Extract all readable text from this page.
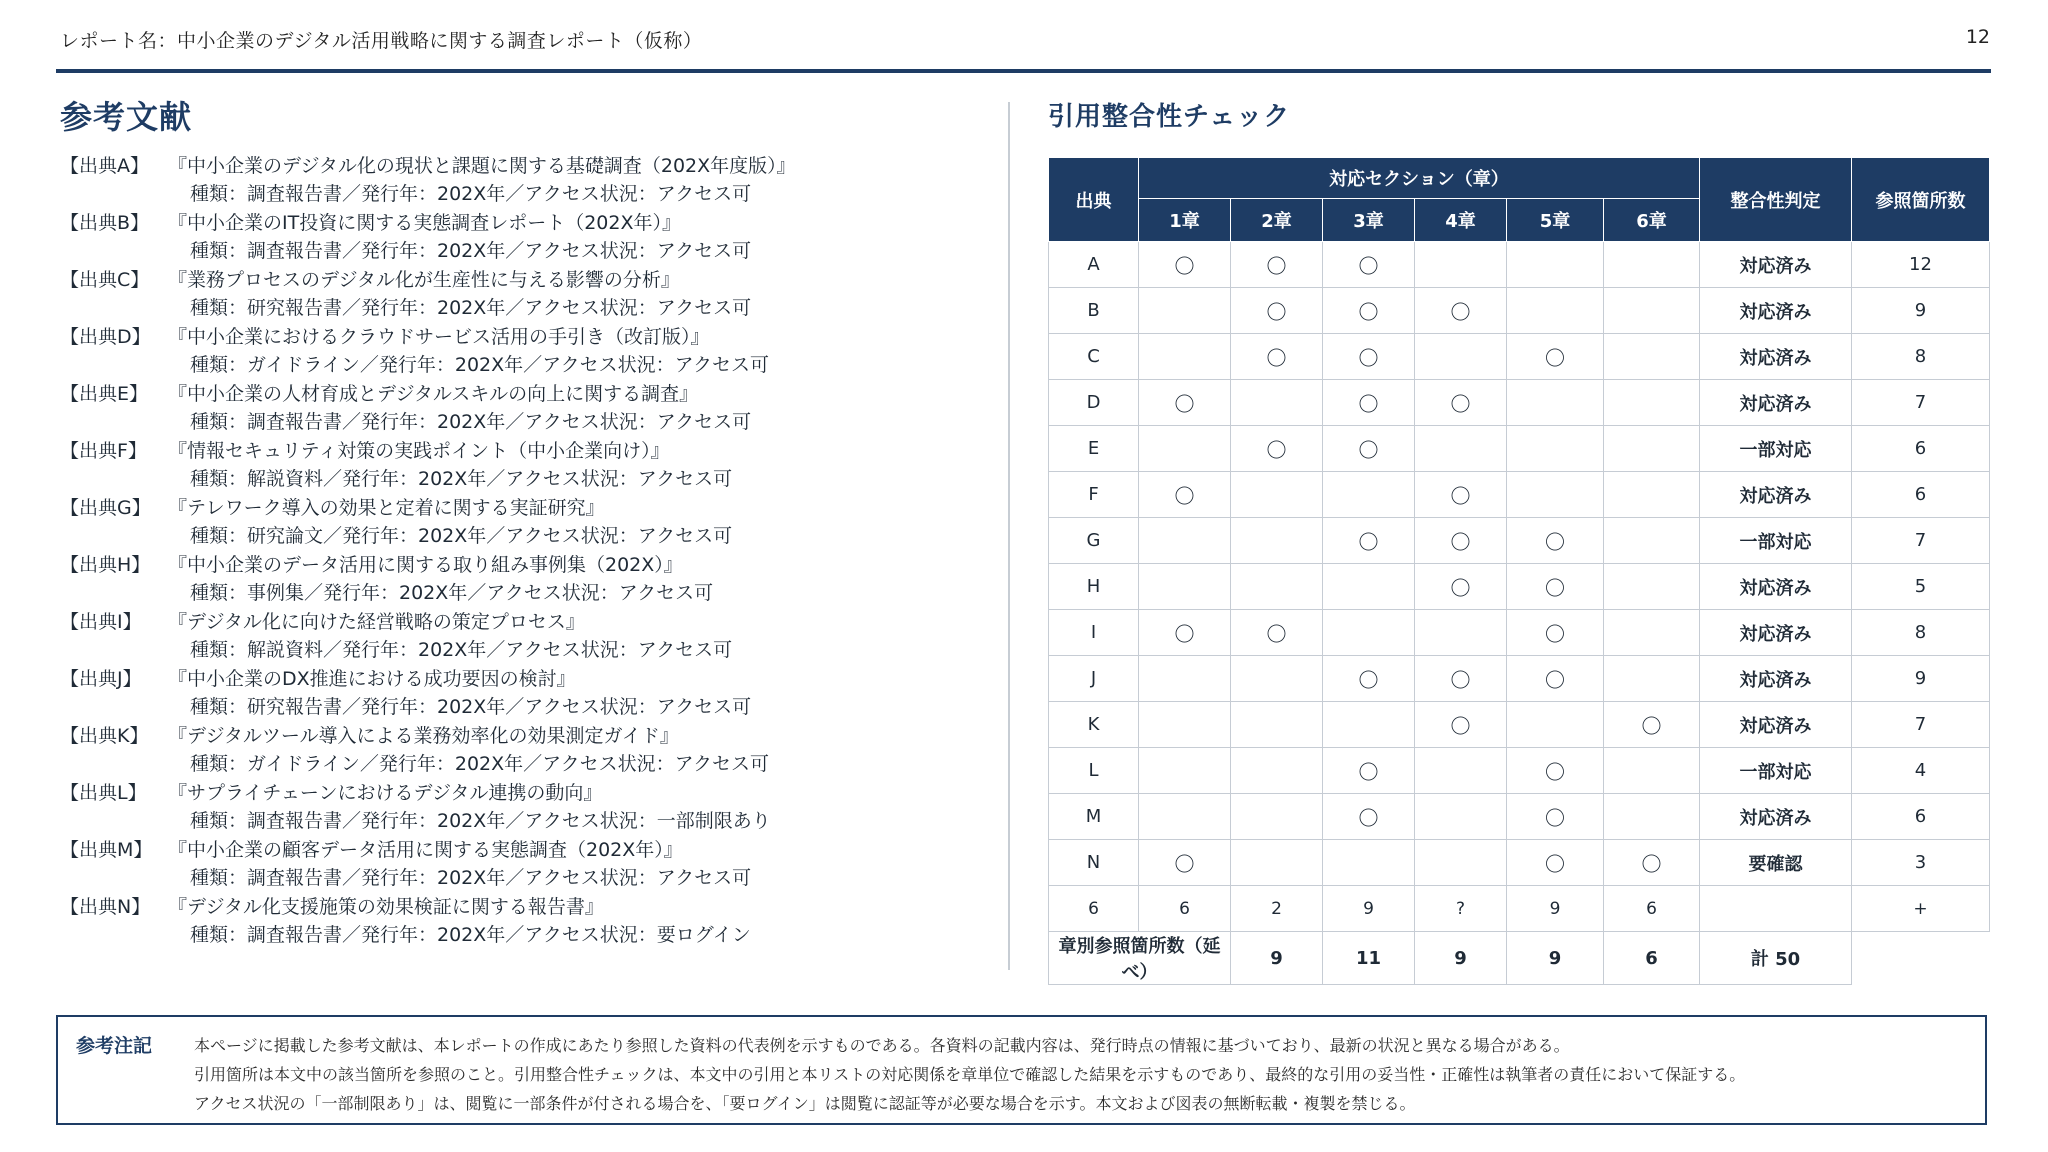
レポート名：中小企業のデジタル活用戦略に関する調査レポート（仮称）	12
参考文献
【出典A】 『中小企業のデジタル化の現状と課題に関する基礎調査（202X年度版）』
種類：調査報告書／発行年：202X年／アクセス状況：アクセス可
【出典B】 『中小企業のIT投資に関する実態調査レポート（202X年）』
種類：調査報告書／発行年：202X年／アクセス状況：アクセス可
【出典C】 『業務プロセスのデジタル化が生産性に与える影響の分析』
種類：研究報告書／発行年：202X年／アクセス状況：アクセス可
【出典D】 『中小企業におけるクラウドサービス活用の手引き（改訂版）』
種類：ガイドライン／発行年：202X年／アクセス状況：アクセス可
【出典E】 『中小企業の人材育成とデジタルスキルの向上に関する調査』
種類：調査報告書／発行年：202X年／アクセス状況：アクセス可
【出典F】 『情報セキュリティ対策の実践ポイント（中小企業向け）』
種類：解説資料／発行年：202X年／アクセス状況：アクセス可
【出典G】 『テレワーク導入の効果と定着に関する実証研究』
種類：研究論文／発行年：202X年／アクセス状況：アクセス可
【出典H】 『中小企業のデータ活用に関する取り組み事例集（202X）』
種類：事例集／発行年：202X年／アクセス状況：アクセス可
【出典I】 『デジタル化に向けた経営戦略の策定プロセス』
種類：解説資料／発行年：202X年／アクセス状況：アクセス可
【出典J】 『中小企業のDX推進における成功要因の検討』
種類：研究報告書／発行年：202X年／アクセス状況：アクセス可
【出典K】 『デジタルツール導入による業務効率化の効果測定ガイド』
種類：ガイドライン／発行年：202X年／アクセス状況：アクセス可
【出典L】 『サプライチェーンにおけるデジタル連携の動向』
種類：調査報告書／発行年：202X年／アクセス状況：一部制限あり
【出典M】 『中小企業の顧客データ活用に関する実態調査（202X年）』
種類：調査報告書／発行年：202X年／アクセス状況：アクセス可
【出典N】 『デジタル化支援施策の効果検証に関する報告書』
種類：調査報告書／発行年：202X年／アクセス状況：要ログイン
引用整合性チェック
出典	対応セクション（章）						整合性判定	参照箇所数
	1章	2章	3章	4章	5章	6章		
A	〇	〇	〇				対応済み	12
B		〇	〇	〇			対応済み	9
C		〇	〇		〇		対応済み	8
D	〇		〇	〇			対応済み	7
E		〇	〇				一部対応	6
F	〇			〇			対応済み	6
G			〇	〇	〇		一部対応	7
H				〇	〇		対応済み	5
I	〇	〇			〇		対応済み	8
J			〇	〇	〇		対応済み	9
K				〇		〇	対応済み	7
L			〇		〇		一部対応	4
M			〇		〇		対応済み	6
N	〇				〇	〇	要確認	3
6	6	2	9	?	9	6		+
章別参照箇所数（延べ）		9	11	9	9	6	計 50	
参考注記	本ページに掲載した参考文献は、本レポートの作成にあたり参照した資料の代表例を示すものである。各資料の記載内容は、発行時点の情報に基づいており、最新の状況と異なる場合がある。
引用箇所は本文中の該当箇所を参照のこと。引用整合性チェックは、本文中の引用と本リストの対応関係を章単位で確認した結果を示すものであり、最終的な引用の妥当性・正確性は執筆者の責任において保証する。
アクセス状況の「一部制限あり」は、閲覧に一部条件が付される場合を、「要ログイン」は閲覧に認証等が必要な場合を示す。本文および図表の無断転載・複製を禁じる。
